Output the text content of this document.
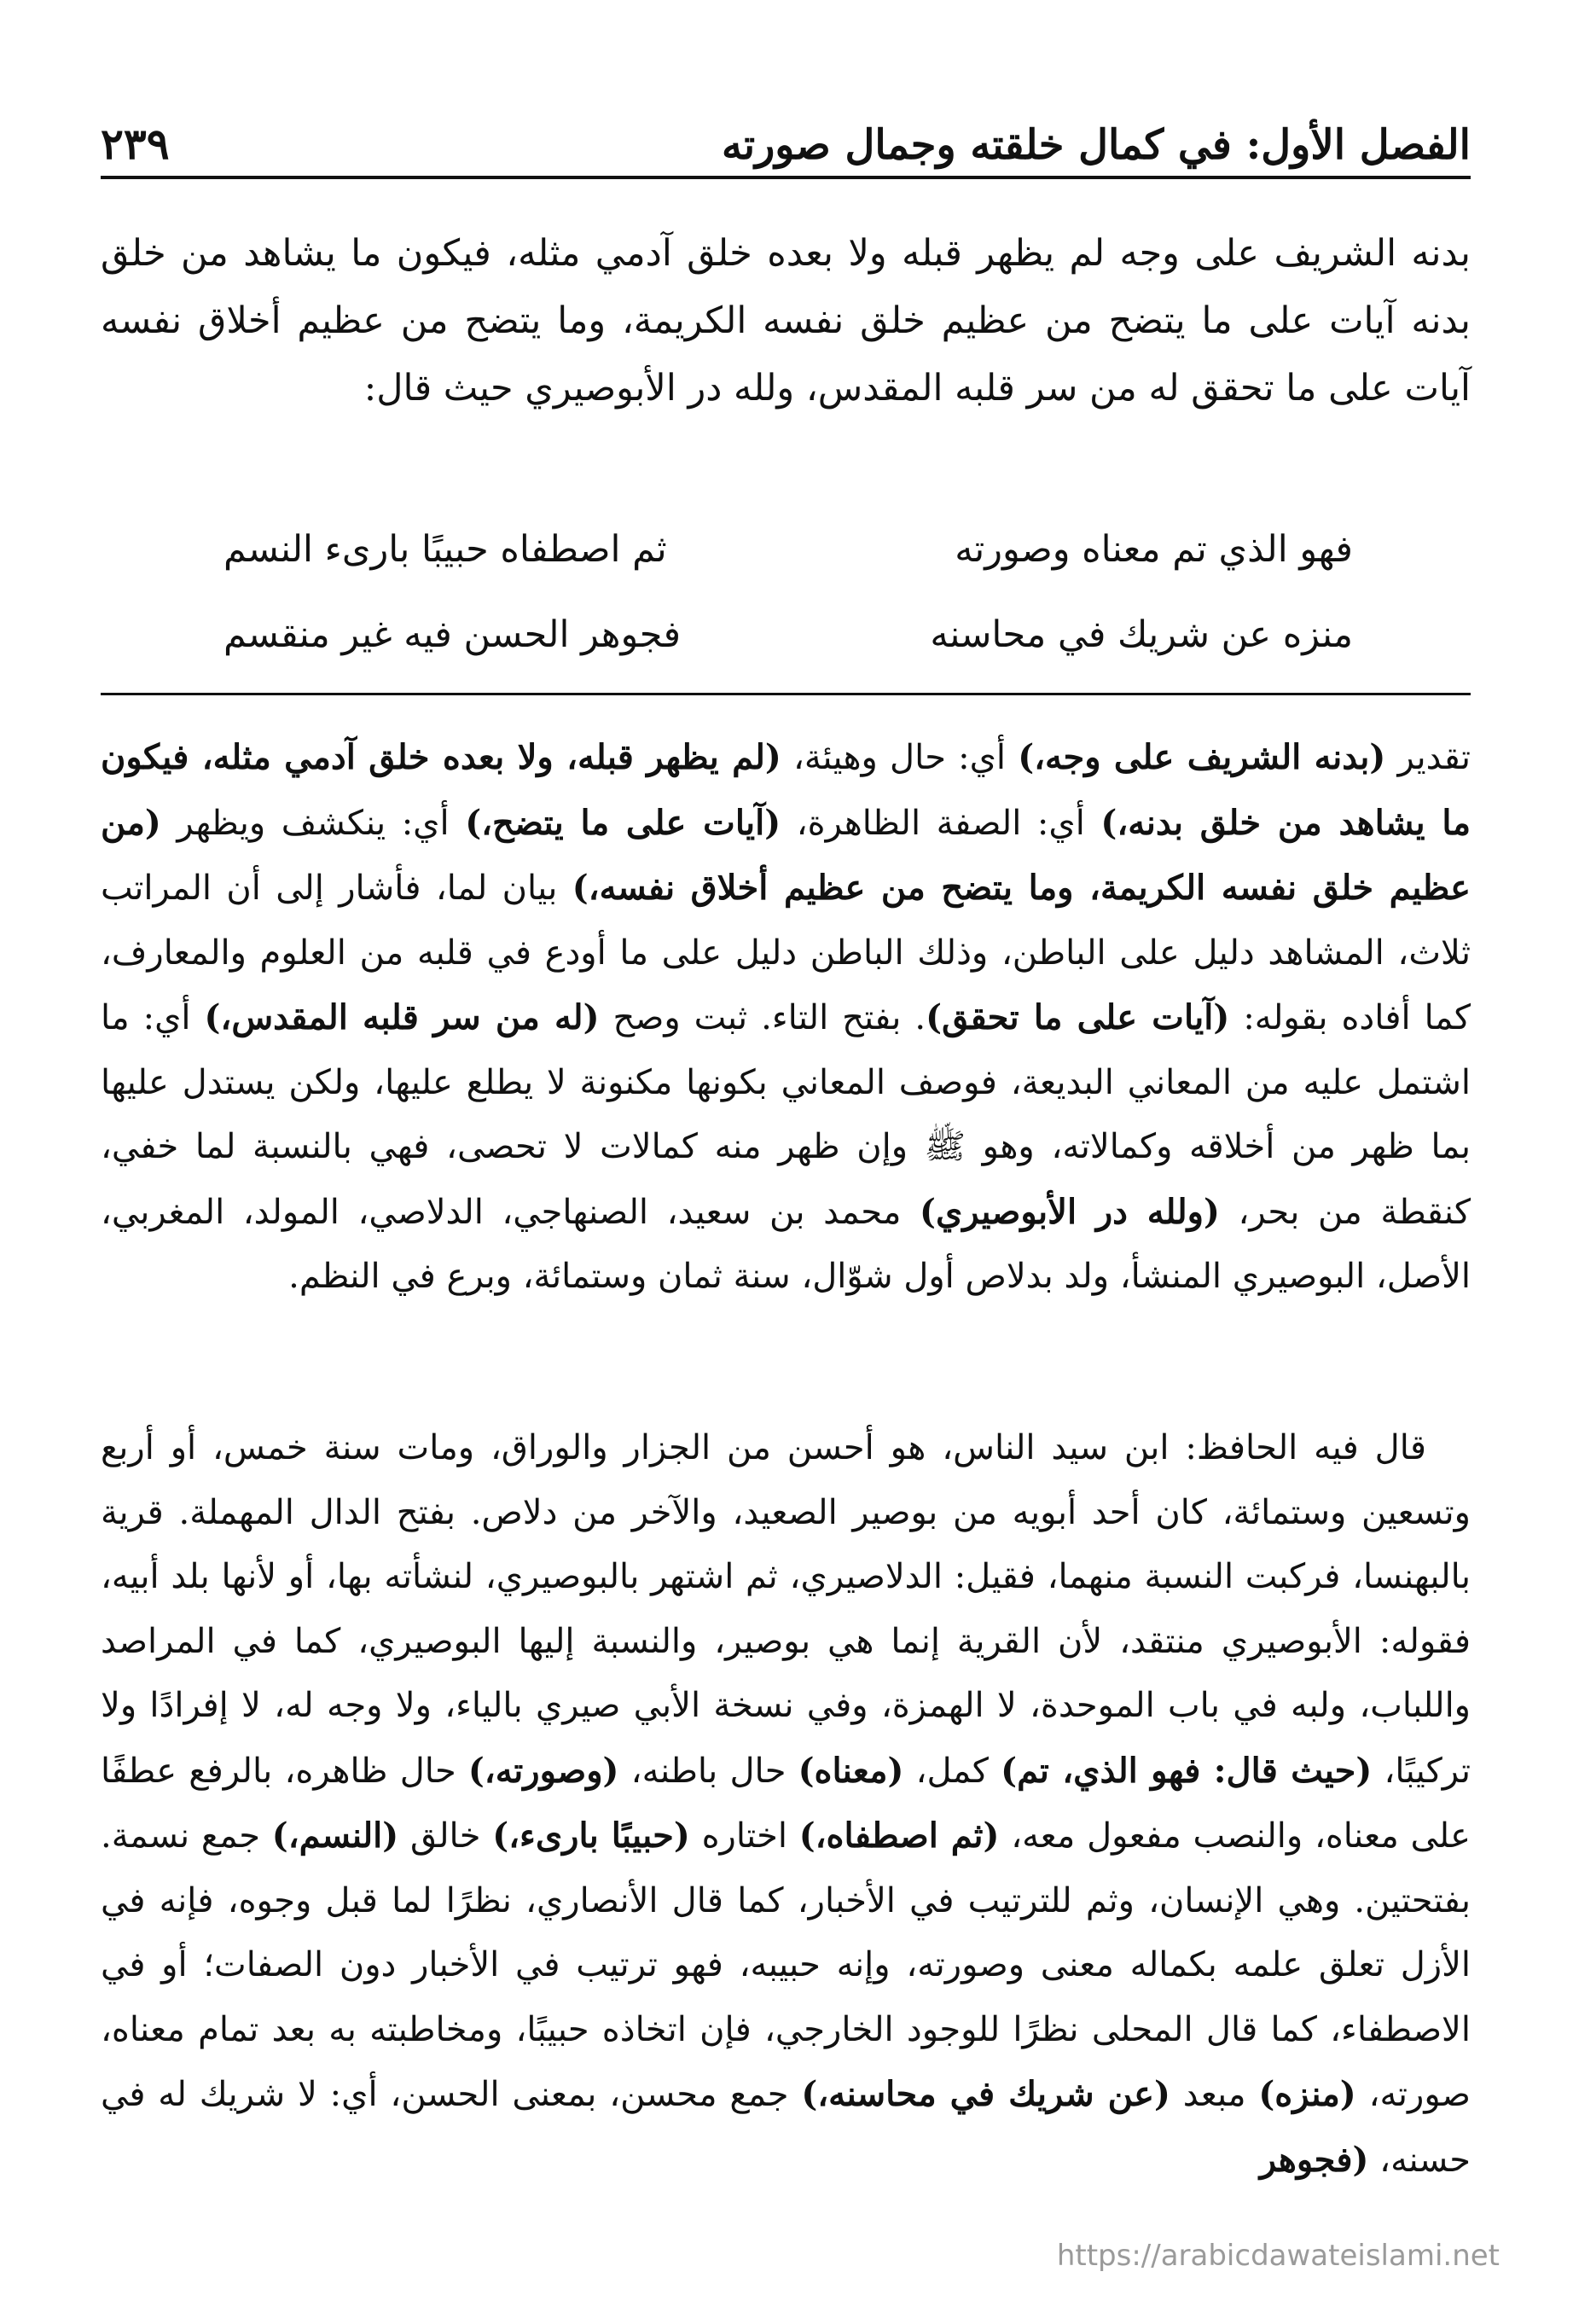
الفصل الأول: في كمال خلقته وجمال صورته
٢٣٩

بدنه الشريف على وجه لم يظهر قبله ولا بعده خلق آدمي مثله، فيكون ما يشاهد من خلق بدنه آيات على ما يتضح من عظيم خلق نفسه الكريمة، وما يتضح من عظيم أخلاق نفسه آيات على ما تحقق له من سر قلبه المقدس، ولله در الأبوصيري حيث قال:

فهو الذي تم معناه وصورته
ثم اصطفاه حبيبًا بارىء النسم
منزه عن شريك في محاسنه
فجوهر الحسن فيه غير منقسم

تقدير (بدنه الشريف على وجه،) أي: حال وهيئة، (لم يظهر قبله، ولا بعده خلق آدمي مثله، فيكون ما يشاهد من خلق بدنه،) أي: الصفة الظاهرة، (آيات على ما يتضح،) أي: ينكشف ويظهر (من عظيم خلق نفسه الكريمة، وما يتضح من عظيم أخلاق نفسه،) بيان لما، فأشار إلى أن المراتب ثلاث، المشاهد دليل على الباطن، وذلك الباطن دليل على ما أودع في قلبه من العلوم والمعارف، كما أفاده بقوله: (آيات على ما تحقق). بفتح التاء. ثبت وصح (له من سر قلبه المقدس،) أي: ما اشتمل عليه من المعاني البديعة، فوصف المعاني بكونها مكنونة لا يطلع عليها، ولكن يستدل عليها بما ظهر من أخلاقه وكمالاته، وهو ﷺ وإن ظهر منه كمالات لا تحصى، فهي بالنسبة لما خفي، كنقطة من بحر، (ولله در الأبوصيري) محمد بن سعيد، الصنهاجي، الدلاصي، المولد، المغربي، الأصل، البوصيري المنشأ، ولد بدلاص أول شوّال، سنة ثمان وستمائة، وبرع في النظم.

قال فيه الحافظ: ابن سيد الناس، هو أحسن من الجزار والوراق، ومات سنة خمس، أو أربع وتسعين وستمائة، كان أحد أبويه من بوصير الصعيد، والآخر من دلاص. بفتح الدال المهملة. قرية بالبهنسا، فركبت النسبة منهما، فقيل: الدلاصيري، ثم اشتهر بالبوصيري، لنشأته بها، أو لأنها بلد أبيه، فقوله: الأبوصيري منتقد، لأن القرية إنما هي بوصير، والنسبة إليها البوصيري، كما في المراصد واللباب، ولبه في باب الموحدة، لا الهمزة، وفي نسخة الأبي صيري بالياء، ولا وجه له، لا إفرادًا ولا تركيبًا، (حيث قال: فهو الذي، تم) كمل، (معناه) حال باطنه، (وصورته،) حال ظاهره، بالرفع عطفًا على معناه، والنصب مفعول معه، (ثم اصطفاه،) اختاره (حبيبًا بارىء،) خالق (النسم،) جمع نسمة. بفتحتين. وهي الإنسان، وثم للترتيب في الأخبار، كما قال الأنصاري، نظرًا لما قبل وجوه، فإنه في الأزل تعلق علمه بكماله معنى وصورته، وإنه حبيبه، فهو ترتيب في الأخبار دون الصفات؛ أو في الاصطفاء، كما قال المحلى نظرًا للوجود الخارجي، فإن اتخاذه حبيبًا، ومخاطبته به بعد تمام معناه، صورته، (منزه) مبعد (عن شريك في محاسنه،) جمع محسن، بمعنى الحسن، أي: لا شريك له في حسنه، (فجوهر

https://arabicdawateislami.net
